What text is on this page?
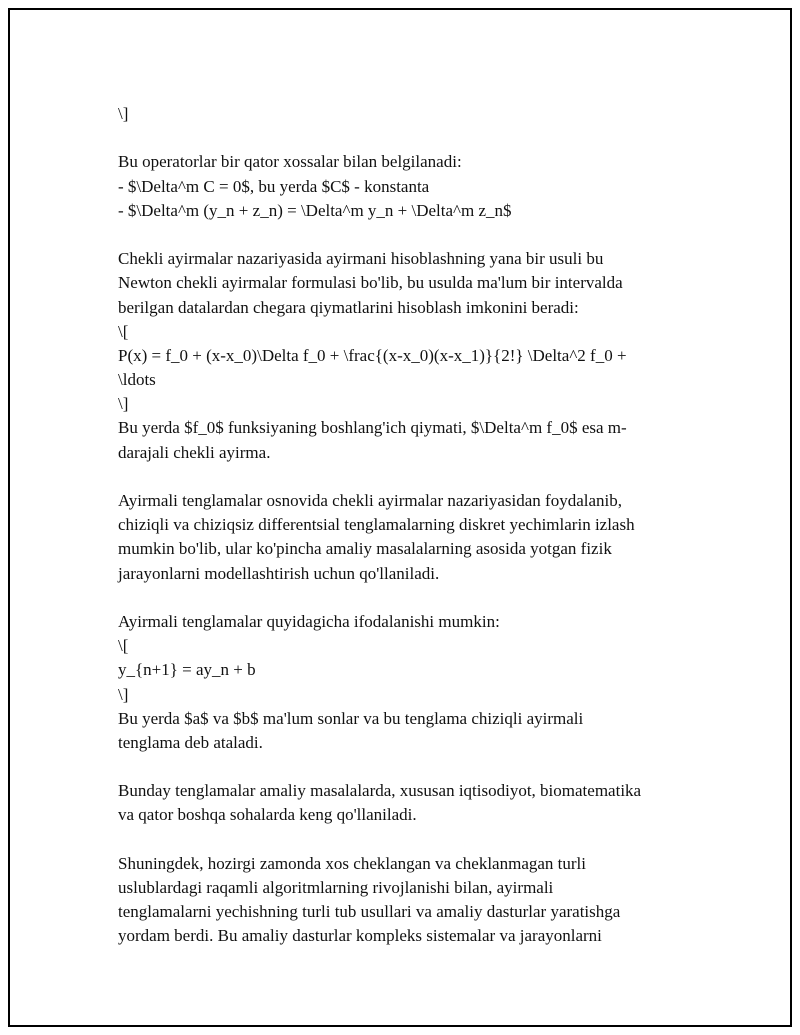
\]
Bu operatorlar bir qator xossalar bilan belgilanadi:
- $\Delta^m C = 0$, bu yerda $C$ - konstanta
- $\Delta^m (y_n + z_n) = \Delta^m y_n + \Delta^m z_n$
Chekli ayirmalar nazariyasida ayirmani hisoblashning yana bir usuli bu
Newton chekli ayirmalar formulasi bo'lib, bu usulda ma'lum bir intervalda
berilgan datalardan chegara qiymatlarini hisoblash imkonini beradi:
\[
P(x) = f_0 + (x-x_0)\Delta f_0 + \frac{(x-x_0)(x-x_1)}{2!} \Delta^2 f_0 +
\ldots
\]
Bu yerda $f_0$ funksiyaning boshlang'ich qiymati, $\Delta^m f_0$ esa m-
darajali chekli ayirma.
Ayirmali tenglamalar osnovida chekli ayirmalar nazariyasidan foydalanib,
chiziqli va chiziqsiz differentsial tenglamalarning diskret yechimlarin izlash
mumkin bo'lib, ular ko'pincha amaliy masalalarning asosida yotgan fizik
jarayonlarni modellashtirish uchun qo'llaniladi.
Ayirmali tenglamalar quyidagicha ifodalanishi mumkin:
\[
y_{n+1} = ay_n + b
\]
Bu yerda $a$ va $b$ ma'lum sonlar va bu tenglama chiziqli ayirmali
tenglama deb ataladi.
Bunday tenglamalar amaliy masalalarda, xususan iqtisodiyot, biomatematika
va qator boshqa sohalarda keng qo'llaniladi.
Shuningdek, hozirgi zamonda xos cheklangan va cheklanmagan turli
uslublardagi raqamli algoritmlarning rivojlanishi bilan, ayirmali
tenglamalarni yechishning turli tub usullari va amaliy dasturlar yaratishga
yordam berdi. Bu amaliy dasturlar kompleks sistemalar va jarayonlarni
